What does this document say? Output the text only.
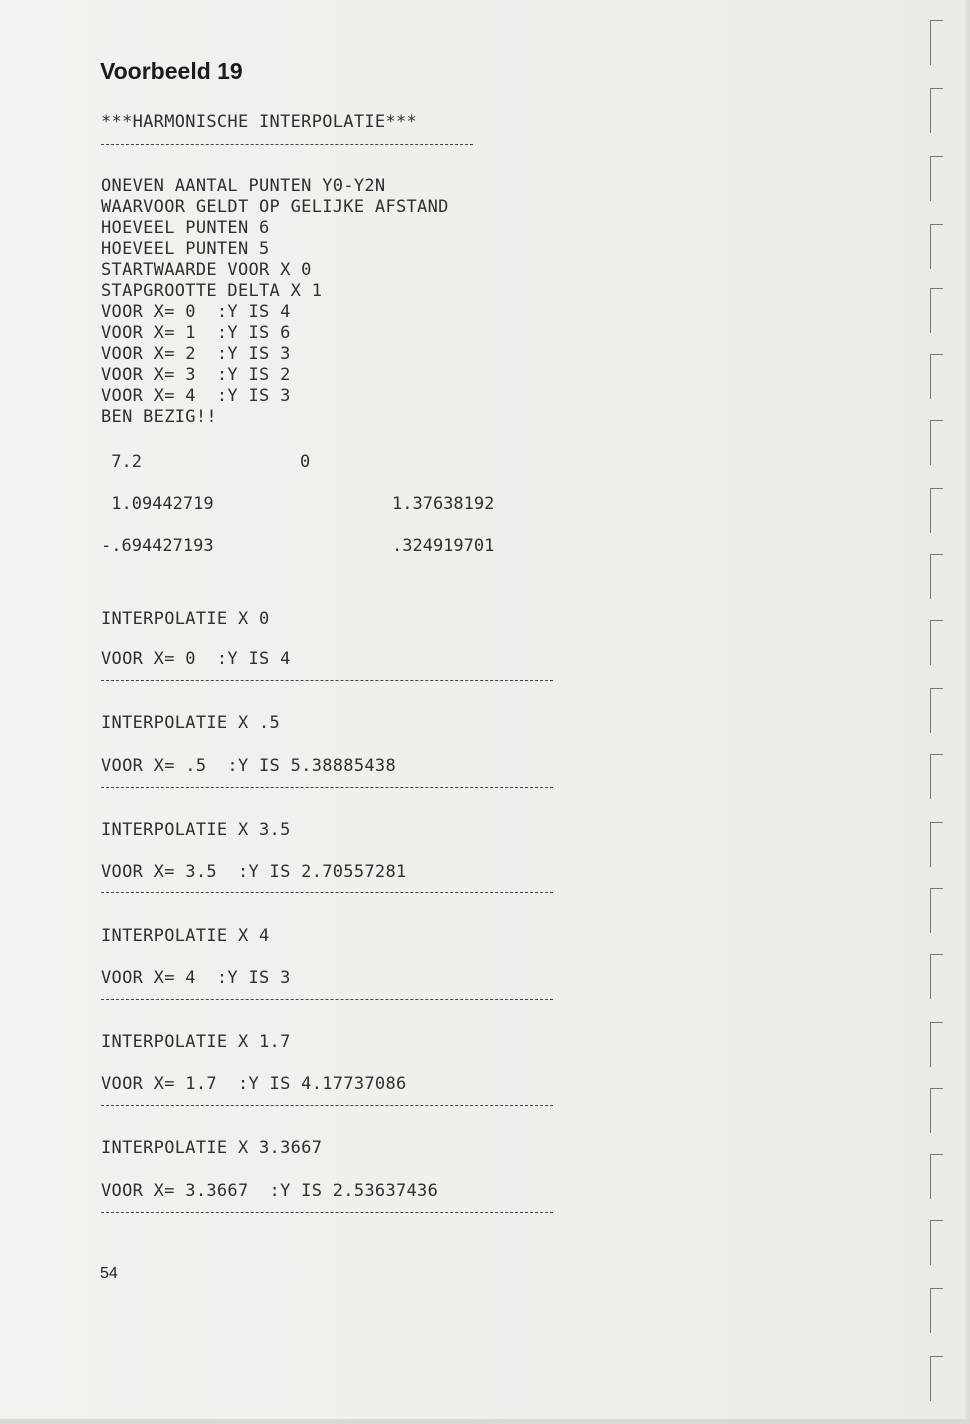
Voorbeeld 19
***HARMONISCHE INTERPOLATIE***
ONEVEN AANTAL PUNTEN Y0-Y2N
WAARVOOR GELDT OP GELIJKE AFSTAND
HOEVEEL PUNTEN 6
HOEVEEL PUNTEN 5
STARTWAARDE VOOR X 0
STAPGROOTTE DELTA X 1
VOOR X= 0  :Y IS 4
VOOR X= 1  :Y IS 6
VOOR X= 2  :Y IS 3
VOOR X= 3  :Y IS 2
VOOR X= 4  :Y IS 3
BEN BEZIG!!
7.2	0
1.09442719	1.37638192
-.694427193	.324919701
INTERPOLATIE X 0
VOOR X= 0  :Y IS 4
INTERPOLATIE X .5
VOOR X= .5  :Y IS 5.38885438
INTERPOLATIE X 3.5
VOOR X= 3.5  :Y IS 2.70557281
INTERPOLATIE X 4
VOOR X= 4  :Y IS 3
INTERPOLATIE X 1.7
VOOR X= 1.7  :Y IS 4.17737086
INTERPOLATIE X 3.3667
VOOR X= 3.3667  :Y IS 2.53637436
54
